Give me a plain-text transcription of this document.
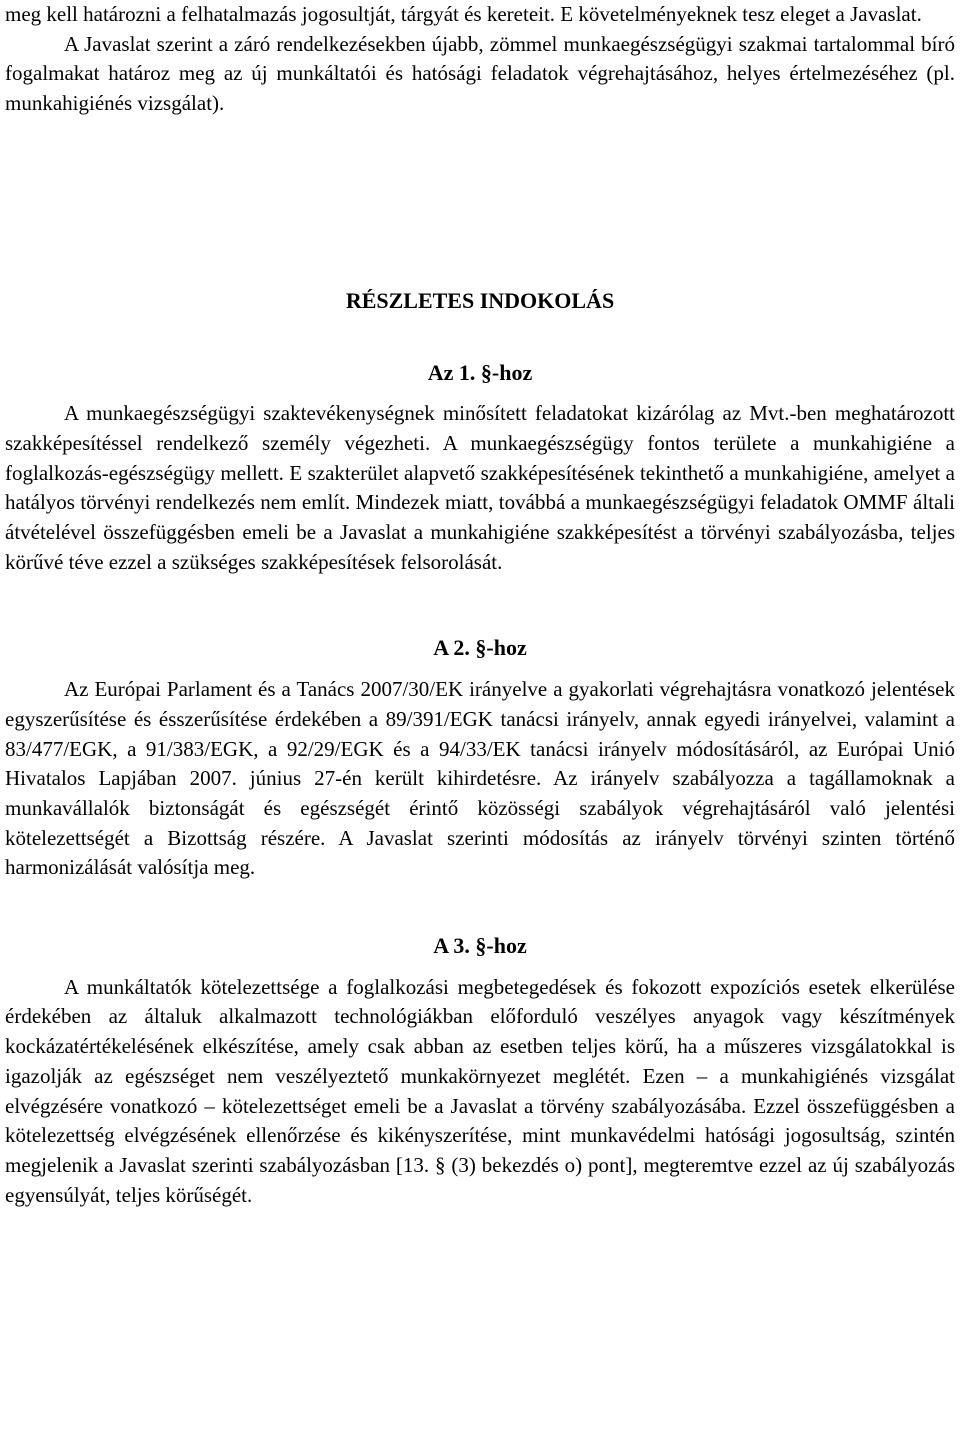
meg kell határozni a felhatalmazás jogosultját, tárgyát és kereteit. E követelményeknek tesz eleget a Javaslat.

A Javaslat szerint a záró rendelkezésekben újabb, zömmel munkaegészségügyi szakmai tartalommal bíró fogalmakat határoz meg az új munkáltatói és hatósági feladatok végrehajtásához, helyes értelmezéséhez (pl. munkahigiénés vizsgálat).

RÉSZLETES INDOKOLÁS

Az 1. §-hoz

A munkaegészségügyi szaktevékenységnek minősített feladatokat kizárólag az Mvt.-ben meghatározott szakképesítéssel rendelkező személy végezheti. A munkaegészségügy fontos területe a munkahigiéne a foglalkozás-egészségügy mellett. E szakterület alapvető szakképesítésének tekinthető a munkahigiéne, amelyet a hatályos törvényi rendelkezés nem említ. Mindezek miatt, továbbá a munkaegészségügyi feladatok OMMF általi átvételével összefüggésben emeli be a Javaslat a munkahigiéne szakképesítést a törvényi szabályozásba, teljes körűvé téve ezzel a szükséges szakképesítések felsorolását.

A 2. §-hoz

Az Európai Parlament és a Tanács 2007/30/EK irányelve a gyakorlati végrehajtásra vonatkozó jelentések egyszerűsítése és ésszerűsítése érdekében a 89/391/EGK tanácsi irányelv, annak egyedi irányelvei, valamint a 83/477/EGK, a 91/383/EGK, a 92/29/EGK és a 94/33/EK tanácsi irányelv módosításáról, az Európai Unió Hivatalos Lapjában 2007. június 27-én került kihirdetésre. Az irányelv szabályozza a tagállamoknak a munkavállalók biztonságát és egészségét érintő közösségi szabályok végrehajtásáról való jelentési kötelezettségét a Bizottság részére. A Javaslat szerinti módosítás az irányelv törvényi szinten történő harmonizálását valósítja meg.

A 3. §-hoz

A munkáltatók kötelezettsége a foglalkozási megbetegedések és fokozott expozíciós esetek elkerülése érdekében az általuk alkalmazott technológiákban előforduló veszélyes anyagok vagy készítmények kockázatértékelésének elkészítése, amely csak abban az esetben teljes körű, ha a műszeres vizsgálatokkal is igazolják az egészséget nem veszélyeztető munkakörnyezet meglétét. Ezen – a munkahigiénés vizsgálat elvégzésére vonatkozó – kötelezettséget emeli be a Javaslat a törvény szabályozásába. Ezzel összefüggésben a kötelezettség elvégzésének ellenőrzése és kikényszerítése, mint munkavédelmi hatósági jogosultság, szintén megjelenik a Javaslat szerinti szabályozásban [13. § (3) bekezdés o) pont], megteremtve ezzel az új szabályozás egyensúlyát, teljes körűségét.
